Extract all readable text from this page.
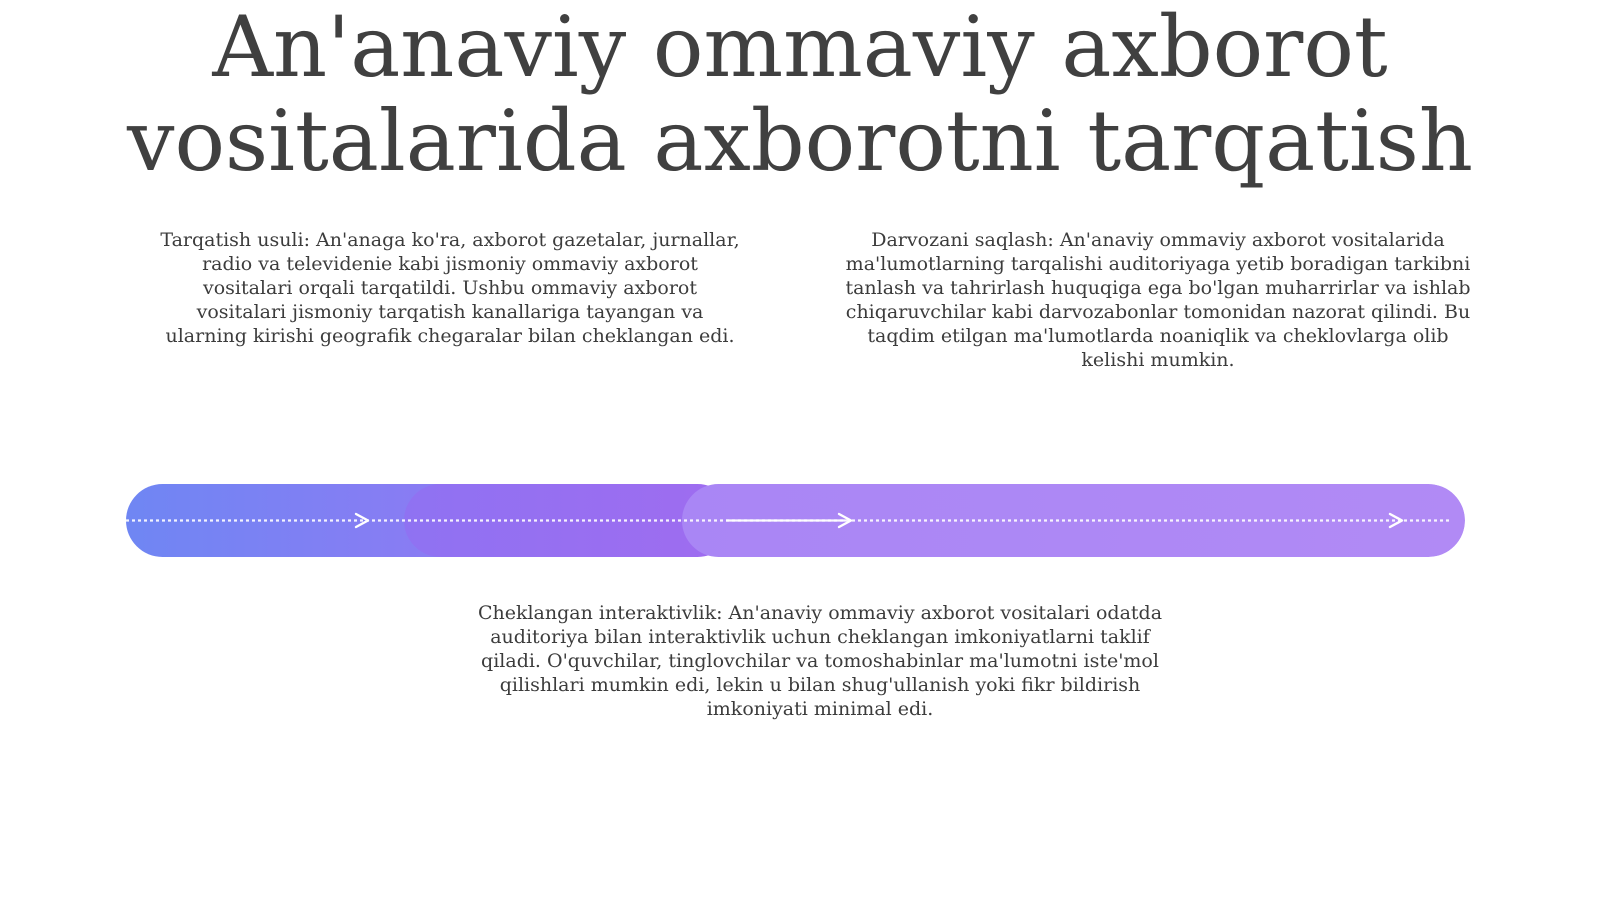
An'anaviy ommaviy axborot vositalarida axborotni tarqatish

Tarqatish usuli: An'anaga ko'ra, axborot gazetalar, jurnallar, radio va televidenie kabi jismoniy ommaviy axborot vositalari orqali tarqatildi. Ushbu ommaviy axborot vositalari jismoniy tarqatish kanallariga tayangan va ularning kirishi geografik chegaralar bilan cheklangan edi.

Darvozani saqlash: An'anaviy ommaviy axborot vositalarida ma'lumotlarning tarqalishi auditoriyaga yetib boradigan tarkibni tanlash va tahrirlash huquqiga ega bo'lgan muharrirlar va ishlab chiqaruvchilar kabi darvozabonlar tomonidan nazorat qilindi. Bu taqdim etilgan ma'lumotlarda noaniqlik va cheklovlarga olib kelishi mumkin.

Cheklangan interaktivlik: An'anaviy ommaviy axborot vositalari odatda auditoriya bilan interaktivlik uchun cheklangan imkoniyatlarni taklif qiladi. O'quvchilar, tinglovchilar va tomoshabinlar ma'lumotni iste'mol qilishlari mumkin edi, lekin u bilan shug'ullanish yoki fikr bildirish imkoniyati minimal edi.
